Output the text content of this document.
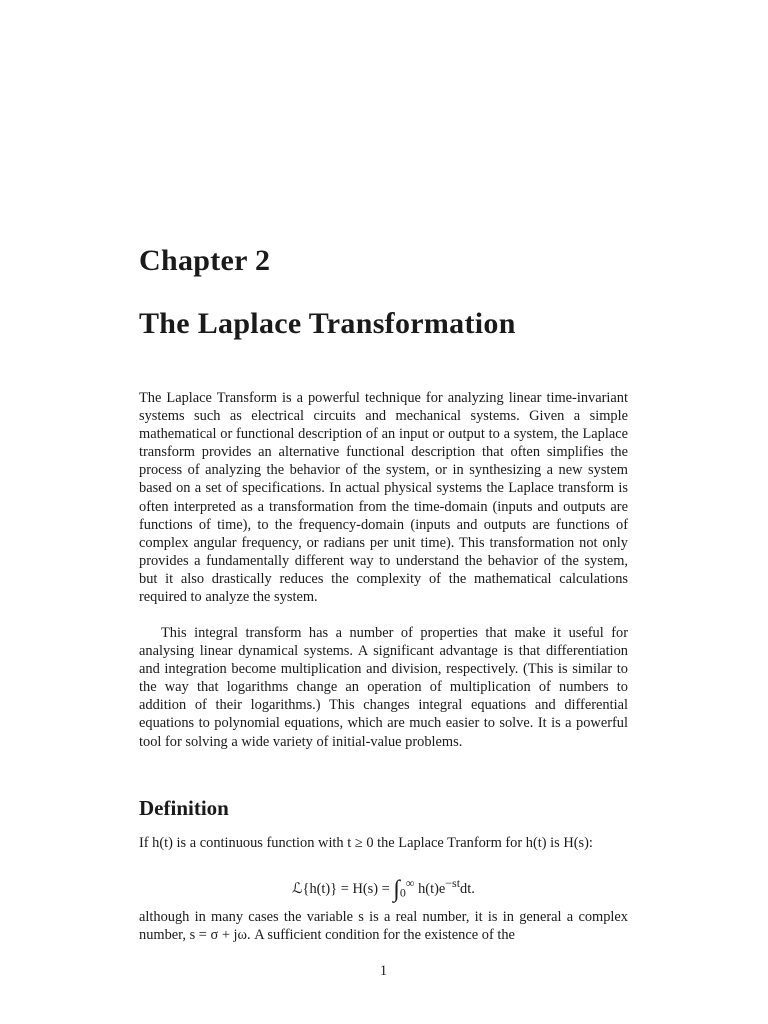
Chapter 2
The Laplace Transformation

The Laplace Transform is a powerful technique for analyzing linear time-invariant systems such as electrical circuits and mechanical systems. Given a simple mathematical or functional description of an input or output to a system, the Laplace transform provides an alternative functional description that often simplifies the process of analyzing the behavior of the system, or in synthesizing a new system based on a set of specifications. In actual physical systems the Laplace transform is often interpreted as a transformation from the time-domain (inputs and outputs are functions of time), to the frequency-domain (inputs and outputs are functions of complex angular frequency, or radians per unit time). This transformation not only provides a fundamentally different way to understand the behavior of the system, but it also drastically reduces the complexity of the mathematical calculations required to analyze the system.

This integral transform has a number of properties that make it useful for analysing linear dynamical systems. A significant advantage is that differentiation and integration become multiplication and division, respectively. (This is similar to the way that logarithms change an operation of multiplication of numbers to addition of their logarithms.) This changes integral equations and differential equations to polynomial equations, which are much easier to solve. It is a powerful tool for solving a wide variety of initial-value problems.

Definition

If h(t) is a continuous function with t ≥ 0 the Laplace Tranform for h(t) is H(s):

ℒ{h(t)} = $H(s) = \int_0^\infty$ $h(t)e^{-st}dt$.

although in many cases the variable s is a real number, it is in general a complex number, s = σ + jω. A sufficient condition for the existence of the

1
